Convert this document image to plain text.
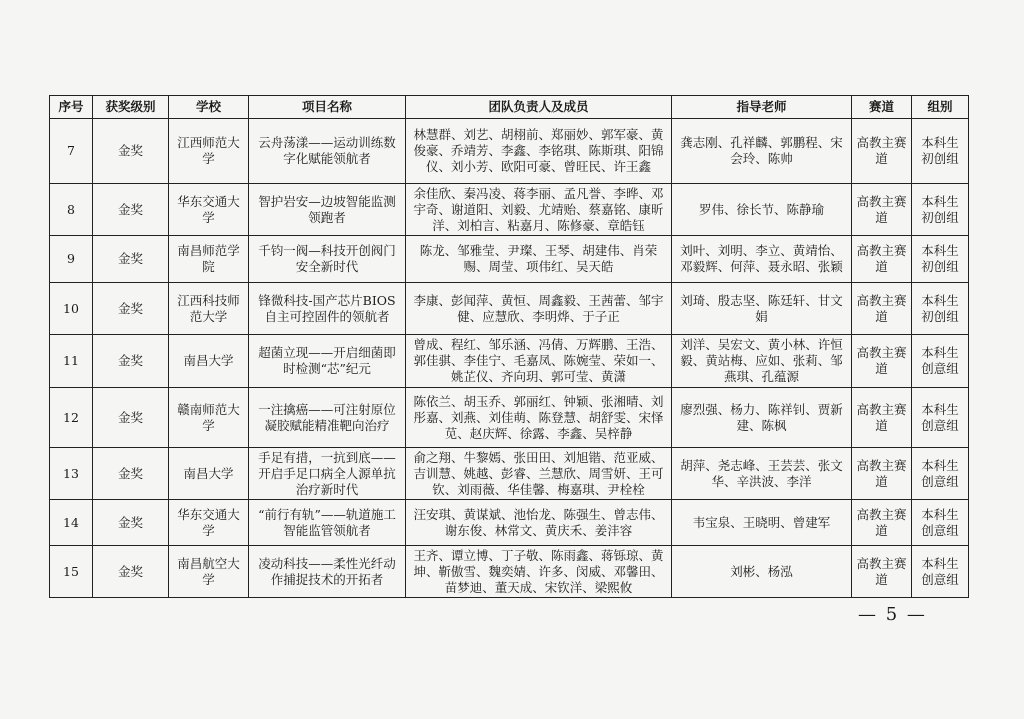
序号	获奖级别	学校	项目名称	团队负责人及成员	指导老师	赛道	组别
7	金奖	江西师范大学	云舟荡漾——运动训练数字化赋能领航者	林慧群、刘艺、胡栩前、郑丽妙、郭军豪、黄俊豪、乔靖芳、李鑫、李铭琪、陈斯琪、阳锦仪、刘小芳、欧阳可豪、曾旺民、许王鑫	龚志刚、孔祥麟、郭鹏程、宋会玲、陈帅	高教主赛道	本科生初创组
8	金奖	华东交通大学	智护岩安—边坡智能监测领跑者	余佳欣、秦冯凌、蒋李丽、孟凡誉、李晔、邓宇奇、谢道阳、刘毅、尤靖贻、蔡嘉铭、康昕洋、刘柏言、粘嘉月、陈修豪、章皓钰	罗伟、徐长节、陈静瑜	高教主赛道	本科生初创组
9	金奖	南昌师范学院	千钧一阀—科技开创阀门安全新时代	陈龙、邹雅莹、尹璨、王琴、胡建伟、肖荣赐、周莹、项伟红、吴天皓	刘叶、刘明、李立、黄靖怡、邓毅辉、何萍、聂永昭、张颖	高教主赛道	本科生初创组
10	金奖	江西科技师范大学	锋微科技-国产芯片BIOS自主可控固件的领航者	李康、彭闻萍、黄恒、周鑫毅、王茜蕾、邹宇健、应慧欣、李明烨、于子正	刘琦、殷志坚、陈廷轩、甘文娟	高教主赛道	本科生初创组
11	金奖	南昌大学	超菌立现——开启细菌即时检测“芯”纪元	曾成、程红、邹乐涵、冯倩、万辉鹏、王浩、郭佳骐、李佳宁、毛嘉凤、陈婉莹、荣如一、姚芷仪、齐向玥、郭可莹、黄潇	刘洋、吴宏文、黄小林、许恒毅、黄站梅、应如、张莉、邹燕琪、孔蕴源	高教主赛道	本科生创意组
12	金奖	赣南师范大学	一注擒癌——可注射原位凝胶赋能精准靶向治疗	陈依兰、胡玉乔、郭丽红、钟颖、张湘晴、刘彤嘉、刘燕、刘佳萌、陈登慧、胡舒雯、宋怿苋、赵庆辉、徐露、李鑫、吴梓静	廖烈强、杨力、陈祥钊、贾新建、陈枫	高教主赛道	本科生创意组
13	金奖	南昌大学	手足有措，一抗到底——开启手足口病全人源单抗治疗新时代	俞之翔、牛黎嫣、张田田、刘旭锴、范亚威、吉训慧、姚越、彭睿、兰慧欣、周雪妍、王可钦、刘雨薇、华佳馨、梅嘉琪、尹栓栓	胡萍、尧志峰、王芸芸、张文华、辛洪波、李洋	高教主赛道	本科生创意组
14	金奖	华东交通大学	“前行有轨”——轨道施工智能监管领航者	汪安琪、黄谋斌、池怡龙、陈强生、曾志伟、谢东俊、林常文、黄庆禾、姜沣容	韦宝泉、王晓明、曾建军	高教主赛道	本科生创意组
15	金奖	南昌航空大学	凌动科技——柔性光纤动作捕捉技术的开拓者	王齐、谭立博、丁子敬、陈雨鑫、蒋铄琼、黄坤、靳傲雪、魏奕婧、许多、闵威、邓馨田、苗梦迪、董天成、宋钦洋、梁熙攸	刘彬、杨泓	高教主赛道	本科生创意组
— 5 —
